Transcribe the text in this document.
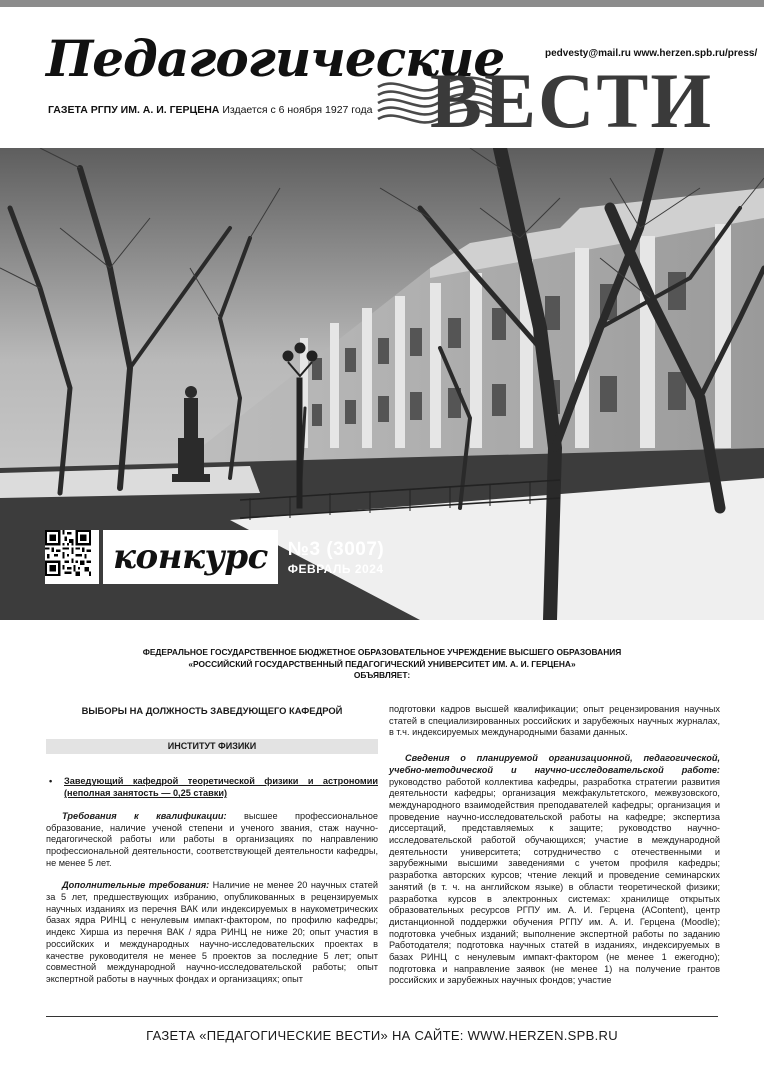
Педагогические
ВЕСТИ
pedvesty@mail.ru www.herzen.spb.ru/press/
ГАЗЕТА РГПУ ИМ. А. И. ГЕРЦЕНА Издается с 6 ноября 1927 года
конкурс	№3 (3007)
ФЕВРАЛЬ 2024
ФЕДЕРАЛЬНОЕ ГОСУДАРСТВЕННОЕ БЮДЖЕТНОЕ ОБРАЗОВАТЕЛЬНОЕ УЧРЕЖДЕНИЕ ВЫСШЕГО ОБРАЗОВАНИЯ
«РОССИЙСКИЙ ГОСУДАРСТВЕННЫЙ ПЕДАГОГИЧЕСКИЙ УНИВЕРСИТЕТ ИМ. А. И. ГЕРЦЕНА»
ОБЪЯВЛЯЕТ:
ВЫБОРЫ НА ДОЛЖНОСТЬ ЗАВЕДУЮЩЕГО КАФЕДРОЙ
ИНСТИТУТ ФИЗИКИ
• Заведующий кафедрой теоретической физики и астрономии (неполная занятость — 0,25 ставки)

Требования к квалификации: высшее профессиональное образование, наличие ученой степени и ученого звания, стаж научно-педагогической работы или работы в организациях по направлению профессиональной деятельности, соответствующей деятельности кафедры, не менее 5 лет.

Дополнительные требования: Наличие не менее 20 научных статей за 5 лет, предшествующих избранию, опубликованных в рецензируемых научных изданиях из перечня ВАК или индексируемых в наукометрических базах ядра РИНЦ с ненулевым импакт-фактором, по профилю кафедры; индекс Хирша из перечня ВАК / ядра РИНЦ не ниже 20; опыт участия в российских и международных научно-исследовательских проектах в качестве руководителя не менее 5 проектов за последние 5 лет; опыт совместной международной научно-исследовательской работы; опыт экспертной работы в научных фондах и организациях; опыт

подготовки кадров высшей квалификации; опыт рецензирования научных статей в специализированных российских и зарубежных научных журналах, в т.ч. индексируемых международными базами данных.

Сведения о планируемой организационной, педагогической, учебно-методической и научно-исследовательской работе: руководство работой коллектива кафедры, разработка стратегии развития деятельности кафедры; организация межфакультетского, межвузовского, международного взаимодействия преподавателей кафедры; организация и проведение научно-исследовательской работы на кафедре; экспертиза диссертаций, представляемых к защите; руководство научно-исследовательской работой обучающихся; участие в международной деятельности университета; сотрудничество с отечественными и зарубежными высшими заведениями с учетом профиля кафедры; разработка авторских курсов; чтение лекций и проведение семинарских занятий (в т. ч. на английском языке) в области теоретической физики; разработка курсов в электронных системах: хранилище открытых образовательных ресурсов РГПУ им. А. И. Герцена (AContent), центр дистанционной поддержки обучения РГПУ им. А. И. Герцена (Moodle); подготовка учебных изданий; выполнение экспертной работы по заданию Работодателя; подготовка научных статей в изданиях, индексируемых в базах РИНЦ с ненулевым импакт-фактором (не менее 1 ежегодно); подготовка и направление заявок (не менее 1) на получение грантов российских и зарубежных научных фондов; участие

ГАЗЕТА «ПЕДАГОГИЧЕСКИЕ ВЕСТИ» НА САЙТЕ: WWW.HERZEN.SPB.RU
